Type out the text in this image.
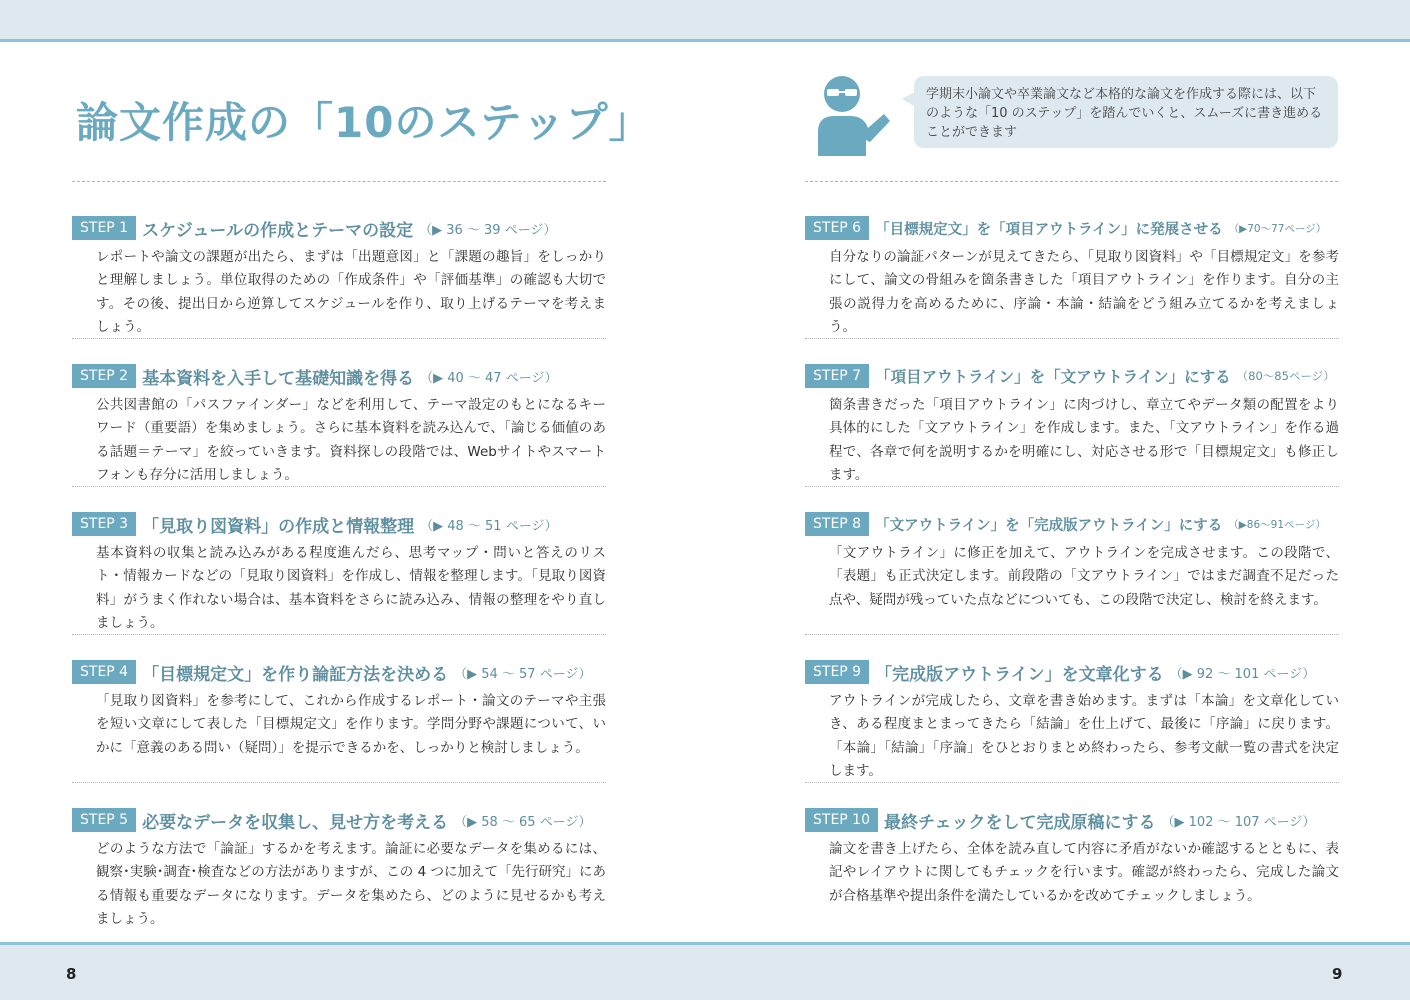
論文作成の「10のステップ」
学期末小論文や卒業論文など本格的な論文を作成する際には、以下のような「10 のステップ」を踏んでいくと、スムーズに書き進めることができます
STEP 1 スケジュールの作成とテーマの設定 （▶ 36 ～ 39 ページ）

レポートや論文の課題が出たら、まずは「出題意図」と「課題の趣旨」をしっかりと理解しましょう。単位取得のための「作成条件」や「評価基準」の確認も大切です。その後、提出日から逆算してスケジュールを作り、取り上げるテーマを考えましょう。

STEP 2 基本資料を入手して基礎知識を得る （▶ 40 ～ 47 ページ）

公共図書館の「パスファインダー」などを利用して、テーマ設定のもとになるキーワード（重要語）を集めましょう。さらに基本資料を読み込んで、「論じる価値のある話題＝テーマ」を絞っていきます。資料探しの段階では、Webサイトやスマートフォンも存分に活用しましょう。

STEP 3 「見取り図資料」の作成と情報整理 （▶ 48 ～ 51 ページ）

基本資料の収集と読み込みがある程度進んだら、思考マップ・問いと答えのリスト・情報カードなどの「見取り図資料」を作成し、情報を整理します。「見取り図資料」がうまく作れない場合は、基本資料をさらに読み込み、情報の整理をやり直しましょう。

STEP 4 「目標規定文」を作り論証方法を決める （▶ 54 ～ 57 ページ）

「見取り図資料」を参考にして、これから作成するレポート・論文のテーマや主張を短い文章にして表した「目標規定文」を作ります。学問分野や課題について、いかに「意義のある問い（疑問）」を提示できるかを、しっかりと検討しましょう。

STEP 5 必要なデータを収集し、見せ方を考える （▶ 58 ～ 65 ページ）

どのような方法で「論証」するかを考えます。論証に必要なデータを集めるには、観察･実験･調査･検査などの方法がありますが、この 4 つに加えて「先行研究」にある情報も重要なデータになります。データを集めたら、どのように見せるかも考えましょう。

STEP 6 「目標規定文」を「項目アウトライン」に発展させる （▶70～77ページ）

自分なりの論証パターンが見えてきたら、「見取り図資料」や「目標規定文」を参考にして、論文の骨組みを箇条書きした「項目アウトライン」を作ります。自分の主張の説得力を高めるために、序論・本論・結論をどう組み立てるかを考えましょう。

STEP 7 「項目アウトライン」を「文アウトライン」にする （80～85ページ）

箇条書きだった「項目アウトライン」に肉づけし、章立てやデータ類の配置をより具体的にした「文アウトライン」を作成します。また、「文アウトライン」を作る過程で、各章で何を説明するかを明確にし、対応させる形で「目標規定文」も修正します。

STEP 8 「文アウトライン」を「完成版アウトライン」にする （▶86～91ページ）

「文アウトライン」に修正を加えて、アウトラインを完成させます。この段階で、「表題」も正式決定します。前段階の「文アウトライン」ではまだ調査不足だった点や、疑問が残っていた点などについても、この段階で決定し、検討を終えます。

STEP 9 「完成版アウトライン」を文章化する （▶ 92 ～ 101 ページ）

アウトラインが完成したら、文章を書き始めます。まずは「本論」を文章化していき、ある程度まとまってきたら「結論」を仕上げて、最後に「序論」に戻ります。「本論」「結論」「序論」をひとおりまとめ終わったら、参考文献一覧の書式を決定します。

STEP 10 最終チェックをして完成原稿にする （▶ 102 ～ 107 ページ）

論文を書き上げたら、全体を読み直して内容に矛盾がないか確認するとともに、表記やレイアウトに関してもチェックを行います。確認が終わったら、完成した論文が合格基準や提出条件を満たしているかを改めてチェックしましょう。

8	9
